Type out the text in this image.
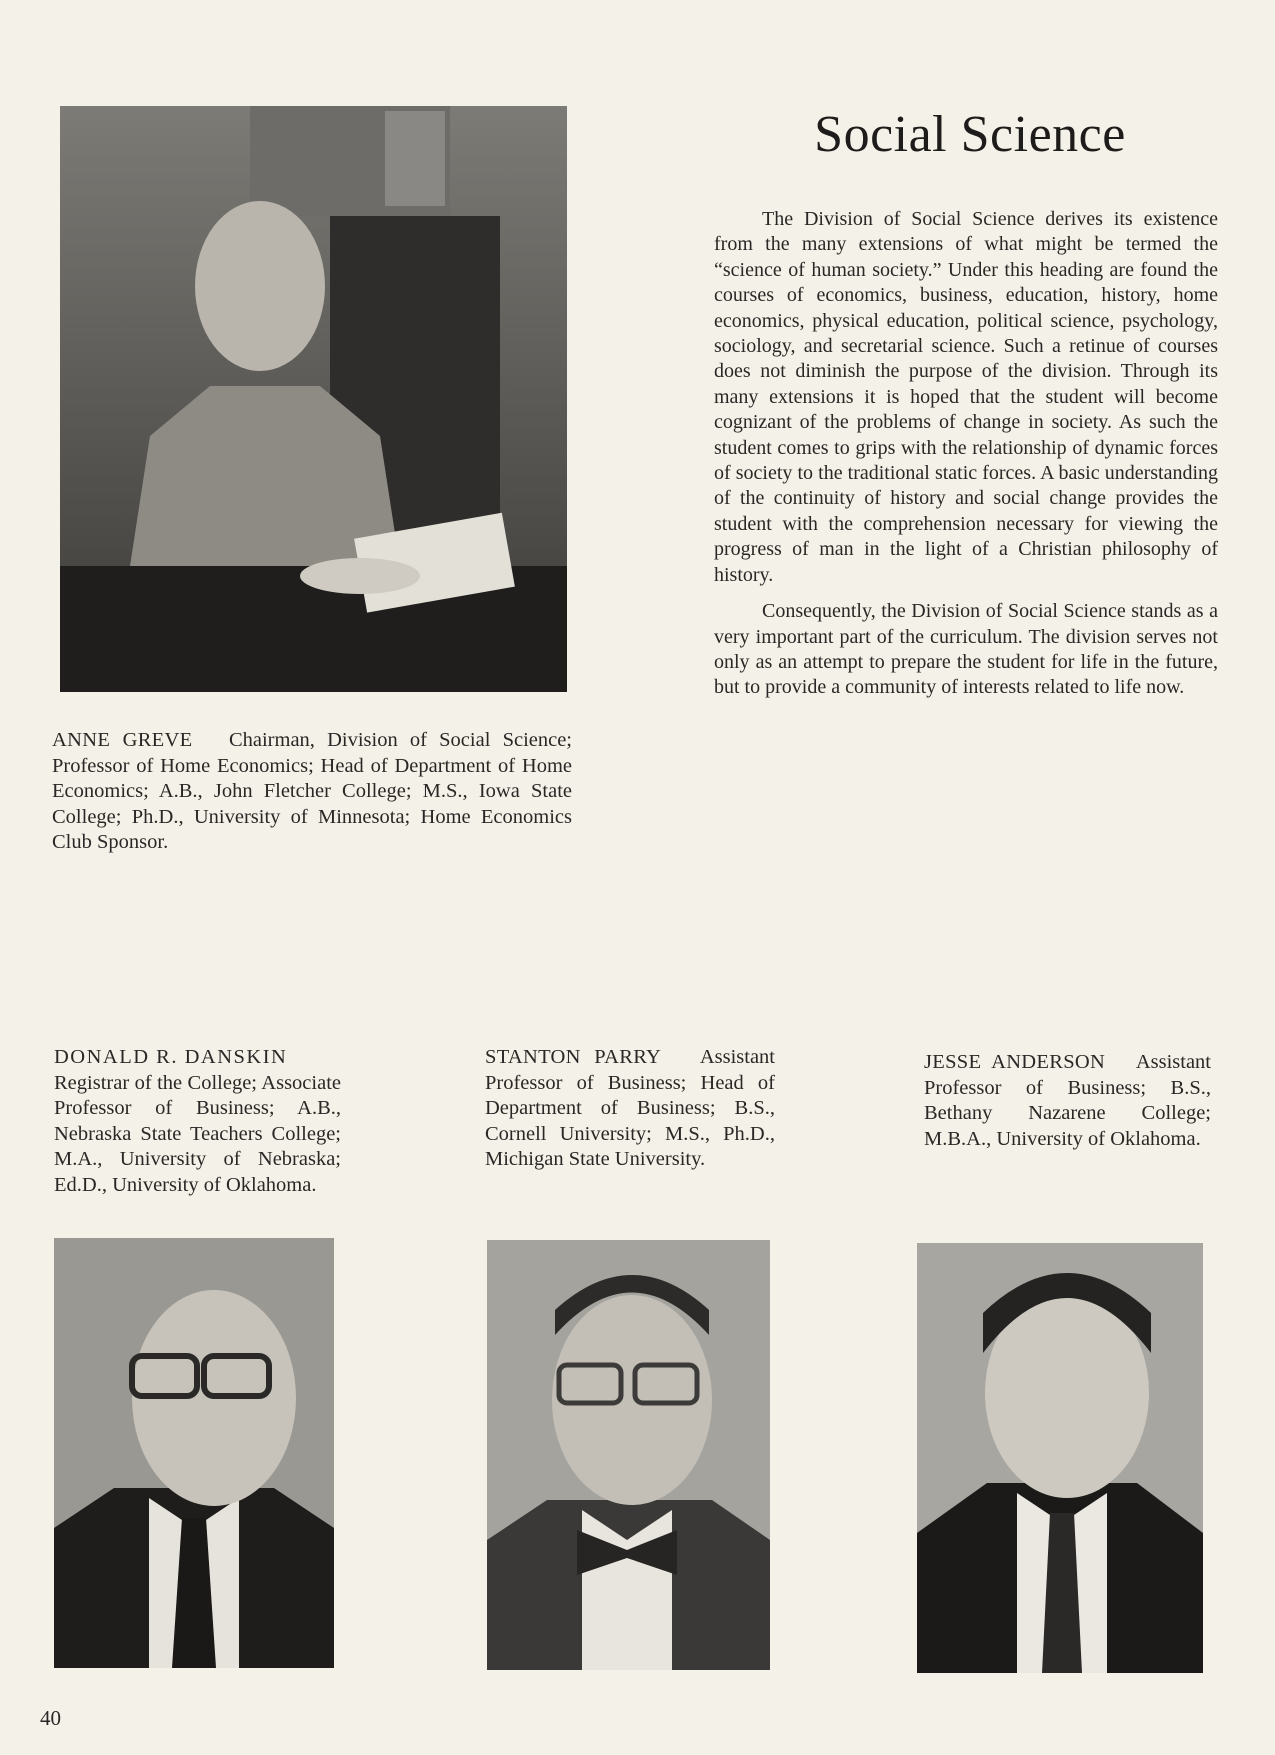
Social Science

The Division of Social Science derives its existence from the many extensions of what might be termed the “science of human society.” Under this heading are found the courses of economics, business, education, history, home economics, physical education, political science, psychology, sociology, and secretarial science. Such a retinue of courses does not diminish the purpose of the division. Through its many extensions it is hoped that the student will become cognizant of the problems of change in society. As such the student comes to grips with the relationship of dynamic forces of society to the traditional static forces. A basic understanding of the continuity of history and social change provides the student with the comprehension necessary for viewing the progress of man in the light of a Christian philosophy of history.

Consequently, the Division of Social Science stands as a very important part of the curriculum. The division serves not only as an attempt to prepare the student for life in the future, but to provide a community of interests related to life now.

ANNE GREVE Chairman, Division of Social Science; Professor of Home Economics; Head of Department of Home Economics; A.B., John Fletcher College; M.S., Iowa State College; Ph.D., University of Minnesota; Home Economics Club Sponsor.

DONALD R. DANSKIN
Registrar of the College; Associate Professor of Business; A.B., Nebraska State Teachers College; M.A., University of Nebraska; Ed.D., University of Oklahoma.

STANTON PARRY Assistant Professor of Business; Head of Department of Business; B.S., Cornell University; M.S., Ph.D., Michigan State University.

JESSE ANDERSON Assistant Professor of Business; B.S., Bethany Nazarene College; M.B.A., University of Oklahoma.

40
